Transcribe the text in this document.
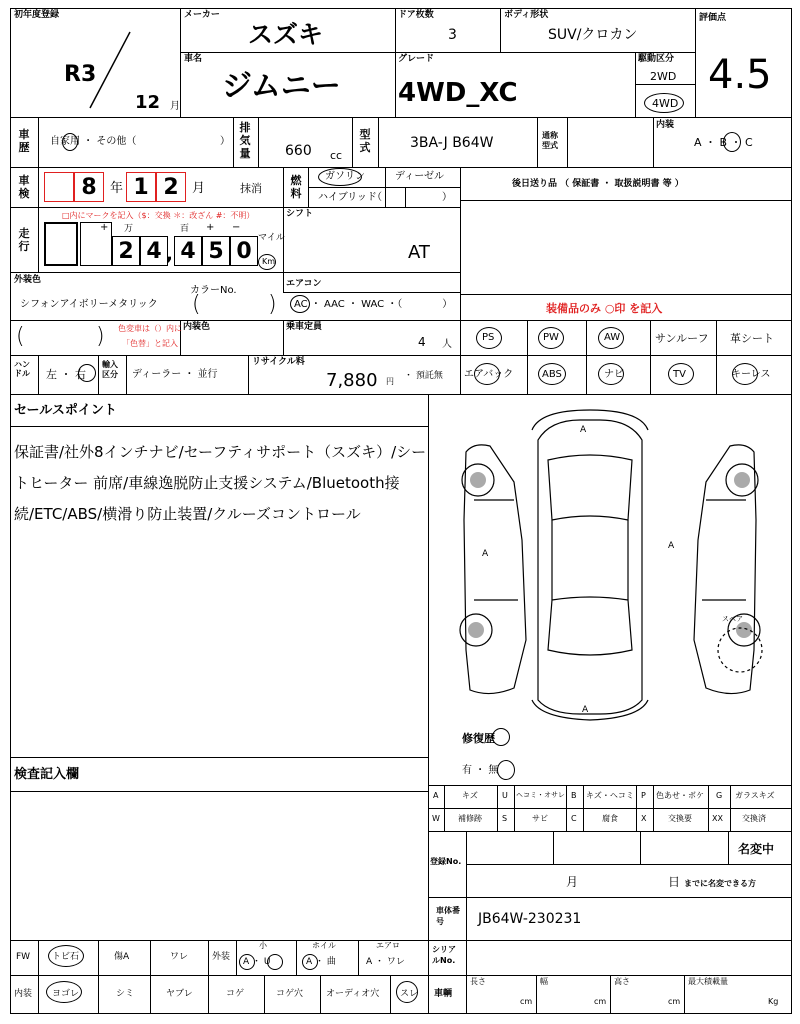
初年度登録
R3
12 月
メーカー
スズキ
ドア枚数
3
ボディ形状
SUV/クロカン
評価点
4.5
車名
ジムニー
グレード
4WD_XC
駆動区分
2WD
4WD
車歴 自家用 ・ その他（	）
排気量 660 cc
型式	3BA-J B64W	通称型式
内装
A ・ B ・ C
車検	8	年 1 2	月	抹消
燃料
ガソリン	ディーゼル
ハイブリッド
（　　　　　　）
後日送り品 （ 保証書 ・ 取扱説明書 等 ）
走行
□内にマークを記入（$：交換 ＊：改ざん #：不明）
+ 万
2 4 ,
百 + −
4 5 0
マイル
Km
シフト
AT
外装色
シフォンアイボリーメタリック
カラーNo.
(	)
エアコン
AC ・ AAC ・ WAC ・（　　　　）	装備品のみ ○印 を記入
(	) 色変車は（）内に
「色替」と記入
内装色	乗車定員
4 人
PS	PW	AW	サンルーフ 革シート
エアバック	ABS	ナビ	TV	キーレス
ハンドル	左 ・ 右
輸入区分	ディーラー ・ 並行
リサイクル料
7,880 円
・ 預託無
セールスポイント
保証書/社外8インチナビ/セーフティサポート（スズキ）/シートヒーター 前席/車線逸脱防止支援システム/Bluetooth接続/ETC/ABS/横滑り防止装置/クルーズコントロール
A
A
A
A
スペア
修復歴
有 ・ 無
検査記入欄
A	キズ	U ヘコミ・オサレ B キズ・ヘコミ P 色あせ・ボケ G ガラスキズ
W 補修跡	S	サビ	C	腐食	X	交換要	XX 交換済
登録No.
名変中
月	日 までに名変できる方
車体番号	JB64W-230231
FW トビ石	傷A	ワレ	外装
小	ホイル	エアロ
A ・ U	A ・ 曲	A ・ ワレ
シリアルNo.
内装 ヨゴレ	シミ	ヤブレ	コゲ	コゲ穴	オーディオ穴 スレ 車輌
長さ
cm
幅
cm
高さ
cm
最大積載量
Kg
